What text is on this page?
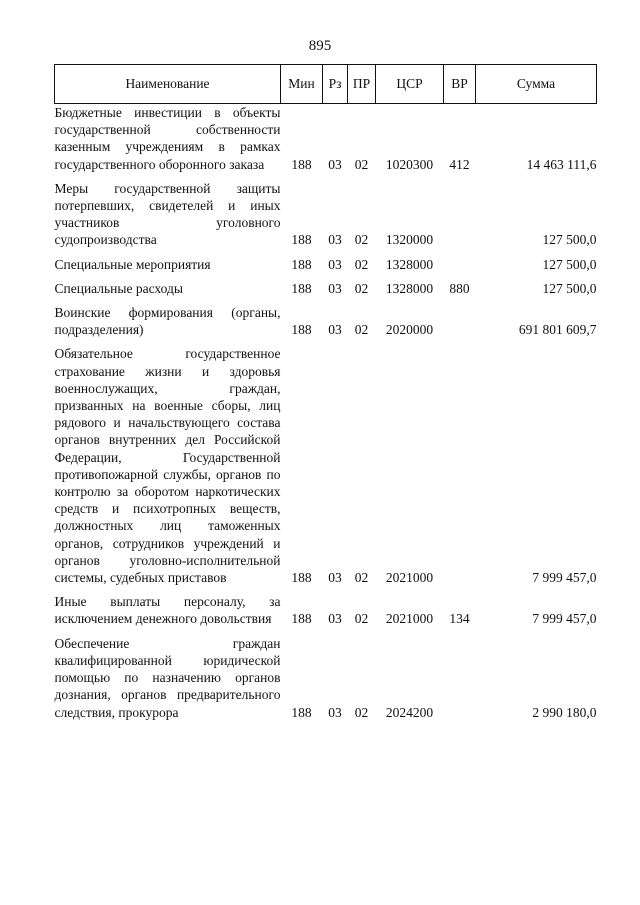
895
Наименование	Мин	Рз	ПР	ЦСР	ВР	Сумма
Бюджетные инвестиции в объекты государственной собственности казенным учреждениям в рамках государственного оборонного заказа	188	03	02	1020300	412	14 463 111,6

Меры государственной защиты потерпевших, свидетелей и иных участников уголовного судопроизводства	188	03	02	1320000		127 500,0

Специальные мероприятия	188	03	02	1328000		127 500,0

Специальные расходы	188	03	02	1328000	880	127 500,0

Воинские формирования (органы, подразделения)	188	03	02	2020000		691 801 609,7

Обязательное государственное страхование жизни и здоровья военнослужащих, граждан, призванных на военные сборы, лиц рядового и начальствующего состава органов внутренних дел Российской Федерации, Государственной противопожарной службы, органов по контролю за оборотом наркотических средств и психотропных веществ, должностных лиц таможенных органов, сотрудников учреждений и органов уголовно-исполнительной системы, судебных приставов	188	03	02	2021000		7 999 457,0

Иные выплаты персоналу, за исключением денежного довольствия	188	03	02	2021000	134	7 999 457,0

Обеспечение граждан квалифицированной юридической помощью по назначению органов дознания, органов предварительного следствия, прокурора	188	03	02	2024200		2 990 180,0
